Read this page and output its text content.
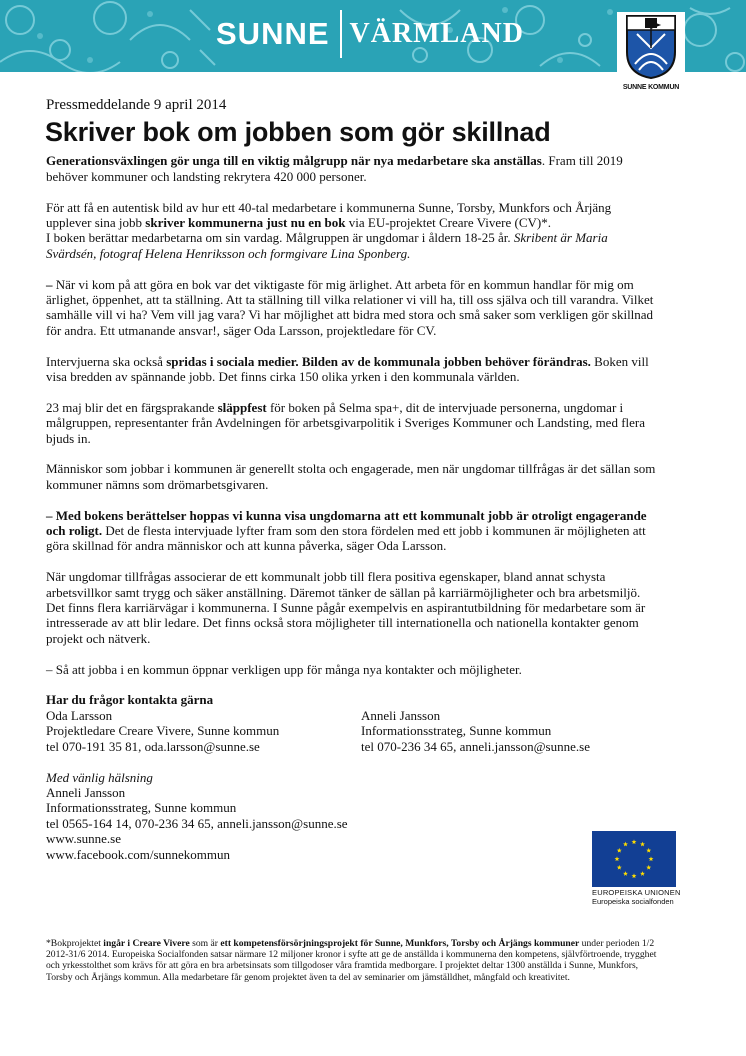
SUNNE VÄRMLAND
SUNNE KOMMUN
Pressmeddelande 9 april 2014
Skriver bok om jobben som gör skillnad

Generationsväxlingen gör unga till en viktig målgrupp när nya medarbetare ska anställas. Fram till 2019 behöver kommuner och landsting rekrytera 420 000 personer.

För att få en autentisk bild av hur ett 40-tal medarbetare i kommunerna Sunne, Torsby, Munkfors och Årjäng upplever sina jobb skriver kommunerna just nu en bok via EU-projektet Creare Vivere (CV)*.
I boken berättar medarbetarna om sin vardag. Målgruppen är ungdomar i åldern 18-25 år. Skribent är Maria Svärdsén, fotograf Helena Henriksson och formgivare Lina Sponberg.

– När vi kom på att göra en bok var det viktigaste för mig ärlighet. Att arbeta för en kommun handlar för mig om ärlighet, öppenhet, att ta ställning. Att ta ställning till vilka relationer vi vill ha, till oss själva och till varandra. Vilket samhälle vill vi ha? Vem vill jag vara? Vi har möjlighet att bidra med stora och små saker som verkligen gör skillnad för andra. Ett utmanande ansvar!, säger Oda Larsson, projektledare för CV.

Intervjuerna ska också spridas i sociala medier. Bilden av de kommunala jobben behöver förändras. Boken vill visa bredden av spännande jobb. Det finns cirka 150 olika yrken i den kommunala världen.

23 maj blir det en färgsprakande släppfest för boken på Selma spa+, dit de intervjuade personerna, ungdomar i målgruppen, representanter från Avdelningen för arbetsgivarpolitik i Sveriges Kommuner och Landsting, med flera bjuds in.

Människor som jobbar i kommunen är generellt stolta och engagerade, men när ungdomar tillfrågas är det sällan som kommuner nämns som drömarbetsgivaren.

– Med bokens berättelser hoppas vi kunna visa ungdomarna att ett kommunalt jobb är otroligt engagerande och roligt. Det de flesta intervjuade lyfter fram som den stora fördelen med ett jobb i kommunen är möjligheten att göra skillnad för andra människor och att kunna påverka, säger Oda Larsson.

När ungdomar tillfrågas associerar de ett kommunalt jobb till flera positiva egenskaper, bland annat schysta arbetsvillkor samt trygg och säker anställning. Däremot tänker de sällan på karriärmöjligheter och bra arbetsmiljö. Det finns flera karriärvägar i kommunerna. I Sunne pågår exempelvis en aspirantutbildning för medarbetare som är intresserade av att blir ledare. Det finns också stora möjligheter till internationella och nationella kontakter genom projekt och nätverk.

– Så att jobba i en kommun öppnar verkligen upp för många nya kontakter och möjligheter.

Har du frågor kontakta gärna
Oda Larsson
Projektledare Creare Vivere, Sunne kommun
tel 070-191 35 81, oda.larsson@sunne.se
Anneli Jansson
Informationsstrateg, Sunne kommun
tel 070-236 34 65, anneli.jansson@sunne.se
Med vänlig hälsning
Anneli Jansson
Informationsstrateg, Sunne kommun
tel 0565-164 14, 070-236 34 65, anneli.jansson@sunne.se
www.sunne.se
www.facebook.com/sunnekommun
EUROPEISKA UNIONEN
Europeiska socialfonden
*Bokprojektet ingår i Creare Vivere som är ett kompetensförsörjningsprojekt för Sunne, Munkfors, Torsby och Årjängs kommuner under perioden 1/2 2012-31/6 2014. Europeiska Socialfonden satsar närmare 12 miljoner kronor i syfte att ge de anställda i kommunerna den kompetens, självförtroende, trygghet och yrkesstolthet som krävs för att göra en bra arbetsinsats som tillgodoser våra framtida medborgare. I projektet deltar 1300 anställda i Sunne, Munkfors, Torsby och Årjängs kommun. Alla medarbetare får genom projektet även ta del av seminarier om jämställdhet, mångfald och kreativitet.
